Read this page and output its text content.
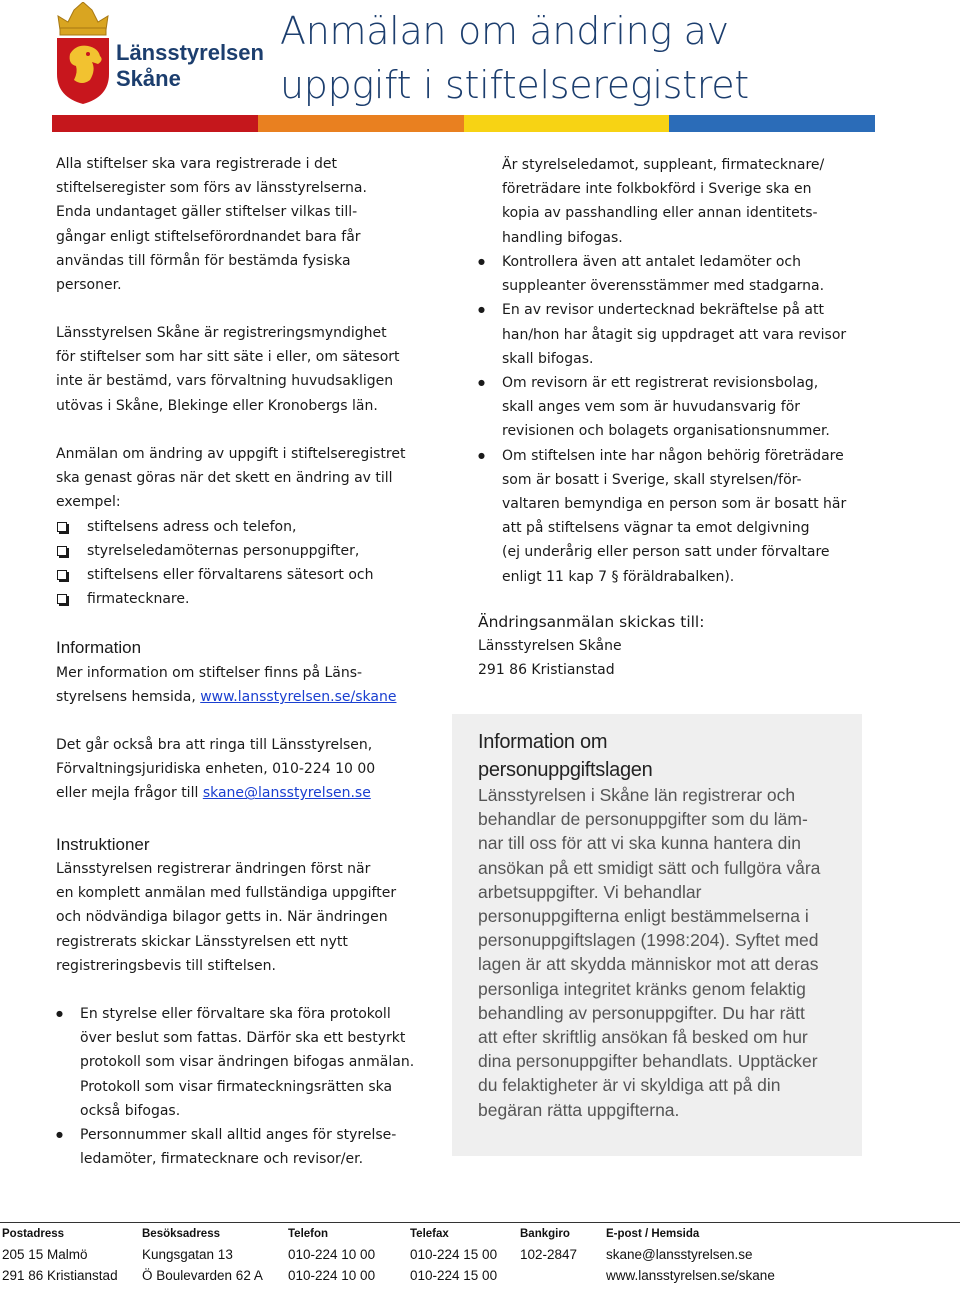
Länsstyrelsen
Skåne
Anmälan om ändring av
uppgift i stiftelseregistret

Alla stiftelser ska vara registrerade i det

stiftelseregister som förs av länsstyrelserna.

Enda undantaget gäller stiftelser vilkas till-

gångar enligt stiftelseförordnandet bara får

användas till förmån för bestämda fysiska

personer.

Länsstyrelsen Skåne är registreringsmyndighet

för stiftelser som har sitt säte i eller, om sätesort

inte är bestämd, vars förvaltning huvudsakligen

utövas i Skåne, Blekinge eller Kronobergs län.

Anmälan om ändring av uppgift i stiftelseregistret

ska genast göras när det skett en ändring av till

exempel:

stiftelsens adress och telefon,
styrelseledamöternas personuppgifter,
stiftelsens eller förvaltarens sätesort och
firmatecknare.
Information

Mer information om stiftelser finns på Läns-

styrelsens hemsida, www.lansstyrelsen.se/skane

Det går också bra att ringa till Länsstyrelsen,

Förvaltningsjuridiska enheten, 010-224 10 00

eller mejla frågor till skane@lansstyrelsen.se

Instruktioner

Länsstyrelsen registrerar ändringen först när

en komplett anmälan med fullständiga uppgifter

och nödvändiga bilagor getts in. När ändringen

registrerats skickar Länsstyrelsen ett nytt

registreringsbevis till stiftelsen.

● En styrelse eller förvaltare ska föra protokoll
över beslut som fattas. Därför ska ett bestyrkt
protokoll som visar ändringen bifogas anmälan.
Protokoll som visar firmateckningsrätten ska
också bifogas.
● Personnummer skall alltid anges för styrelse-
ledamöter, firmatecknare och revisor/er.

Är styrelseledamot, suppleant, firmatecknare/

företrädare inte folkbokförd i Sverige ska en

kopia av passhandling eller annan identitets-

handling bifogas.

● Kontrollera även att antalet ledamöter och
suppleanter överensstämmer med stadgarna.
● En av revisor undertecknad bekräftelse på att
han/hon har åtagit sig uppdraget att vara revisor
skall bifogas.
● Om revisorn är ett registrerat revisionsbolag,
skall anges vem som är huvudansvarig för
revisionen och bolagets organisationsnummer.
● Om stiftelsen inte har någon behörig företrädare
som är bosatt i Sverige, skall styrelsen/för-
valtaren bemyndiga en person som är bosatt här
att på stiftelsens vägnar ta emot delgivning
(ej underårig eller person satt under förvaltare
enligt 11 kap 7 § föräldrabalken).
Ändringsanmälan skickas till:

Länsstyrelsen Skåne

291 86 Kristianstad

Information om
personuppgiftslagen
Länsstyrelsen i Skåne län registrerar och
behandlar de personuppgifter som du läm-
nar till oss för att vi ska kunna hantera din
ansökan på ett smidigt sätt och fullgöra våra
arbetsuppgifter. Vi behandlar
personuppgifterna enligt bestämmelserna i
personuppgiftslagen (1998:204). Syftet med
lagen är att skydda människor mot att deras
personliga integritet kränks genom felaktig
behandling av personuppgifter. Du har rätt
att efter skriftlig ansökan få besked om hur
dina personuppgifter behandlats. Upptäcker
du felaktigheter är vi skyldiga att på din
begäran rätta uppgifterna.
Postadress
205 15 Malmö
291 86 Kristianstad
Besöksadress
Kungsgatan 13
Ö Boulevarden 62 A
Telefon
010-224 10 00
010-224 10 00
Telefax
010-224 15 00
010-224 15 00
Bankgiro
102-2847
E-post / Hemsida
skane@lansstyrelsen.se
www.lansstyrelsen.se/skane
